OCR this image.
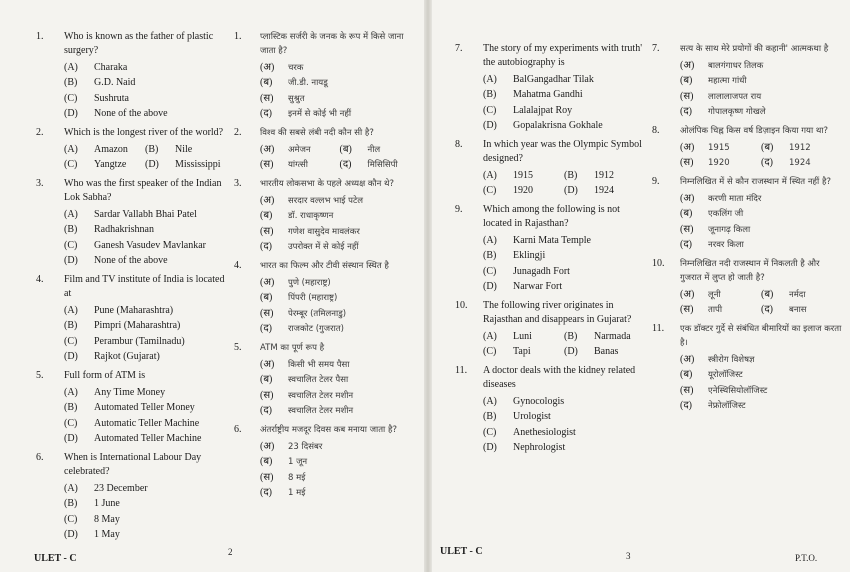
1.	Who is known as the father of plastic surgery?
(A)	Charaka
(B)	G.D. Naid
(C)	Sushruta
(D)	None of the above
2.	Which is the longest river of the world?
(A)	Amazon	(B)	Nile
(C)	Yangtze	(D)	Mississippi
3.	Who was the first speaker of the Indian Lok Sabha?
(A)	Sardar Vallabh Bhai Patel
(B)	Radhakrishnan
(C)	Ganesh Vasudev Mavlankar
(D)	None of the above
4.	Film and TV institute of India is located at
(A)	Pune (Maharashtra)
(B)	Pimpri (Maharashtra)
(C)	Perambur (Tamilnadu)
(D)	Rajkot (Gujarat)
5.	Full form of ATM is
(A)	Any Time Money
(B)	Automated Teller Money
(C)	Automatic Teller Machine
(D)	Automated Teller Machine
6.	When is International Labour Day celebrated?
(A)	23 December
(B)	1 June
(C)	8 May
(D)	1 May
1.	प्लास्टिक सर्जरी के जनक के रूप में किसे जाना जाता है?
(अ)	चरक
(ब)	जी.डी. नायडू
(स)	सुश्रुत
(द)	इनमें से कोई भी नहीं
2.	विश्व की सबसे लंबी नदी कौन सी है?
(अ)	अमेजन	(ब)	नील
(स)	यांग्त्सी	(द)	मिसिसिपी
3.	भारतीय लोकसभा के पहले अध्यक्ष कौन थे?
(अ)	सरदार वल्लभ भाई पटेल
(ब)	डॉ. राधाकृष्णन
(स)	गणेश वासुदेव मावलंकर
(द)	उपरोक्त में से कोई नहीं
4.	भारत का फिल्म और टीवी संस्थान स्थित है
(अ)	पुणे (महाराष्ट्र)
(ब)	पिंपरी (महाराष्ट्र)
(स)	पेरम्बूर (तमिलनाडु)
(द)	राजकोट (गुजरात)
5.	ATM का पूर्ण रूप है
(अ)	किसी भी समय पैसा
(ब)	स्वचालित टेलर पैसा
(स)	स्वचालित टेलर मशीन
(द)	स्वचालित टेलर मशीन
6.	अंतर्राष्ट्रीय मजदूर दिवस कब मनाया जाता है?
(अ)	23 दिसंबर
(ब)	1 जून
(स)	8 मई
(द)	1 मई
7.	The story of my experiments with truth' the autobiography is
(A)	BalGangadhar Tilak
(B)	Mahatma Gandhi
(C)	Lalalajpat Roy
(D)	Gopalakrisna Gokhale
8.	In which year was the Olympic Symbol designed?
(A)	1915	(B)	1912
(C)	1920	(D)	1924
9.	Which among the following is not located in Rajasthan?
(A)	Karni Mata Temple
(B)	Eklingji
(C)	Junagadh Fort
(D)	Narwar Fort
10.	The following river originates in Rajasthan and disappears in Gujarat?
(A)	Luni	(B)	Narmada
(C)	Tapi	(D)	Banas
11.	A doctor deals with the kidney related diseases
(A)	Gynocologis
(B)	Urologist
(C)	Anethesiologist
(D)	Nephrologist
7.	सत्य के साथ मेरे प्रयोगों की कहानी' आत्मकथा है
(अ)	बालगंगाधर तिलक
(ब)	महात्मा गांधी
(स)	लालालाजपत राय
(द)	गोपालकृष्ण गोखले
8.	ओलंपिक चिह्न किस वर्ष डिज़ाइन किया गया था?
(अ)	1915	(ब)	1912
(स)	1920	(द)	1924
9.	निम्नलिखित में से कौन राजस्थान में स्थित नहीं है?
(अ)	करणी माता मंदिर
(ब)	एकलिंग जी
(स)	जूनागढ़ किला
(द)	नरवर किला
10.	निम्नलिखित नदी राजस्थान में निकलती है और गुजरात में लुप्त हो जाती है?
(अ)	लूनी	(ब)	नर्मदा
(स)	तापी	(द)	बनास
11.	एक डॉक्टर गुर्दे से संबंधित बीमारियों का इलाज करता है।
(अ)	स्त्रीरोग विशेषज्ञ
(ब)	यूरोलॉजिस्ट
(स)	एनेस्थिसियोलॉजिस्ट
(द)	नेफ्रोलॉजिस्ट
ULET - C
2	ULET - C	3	P.T.O.
